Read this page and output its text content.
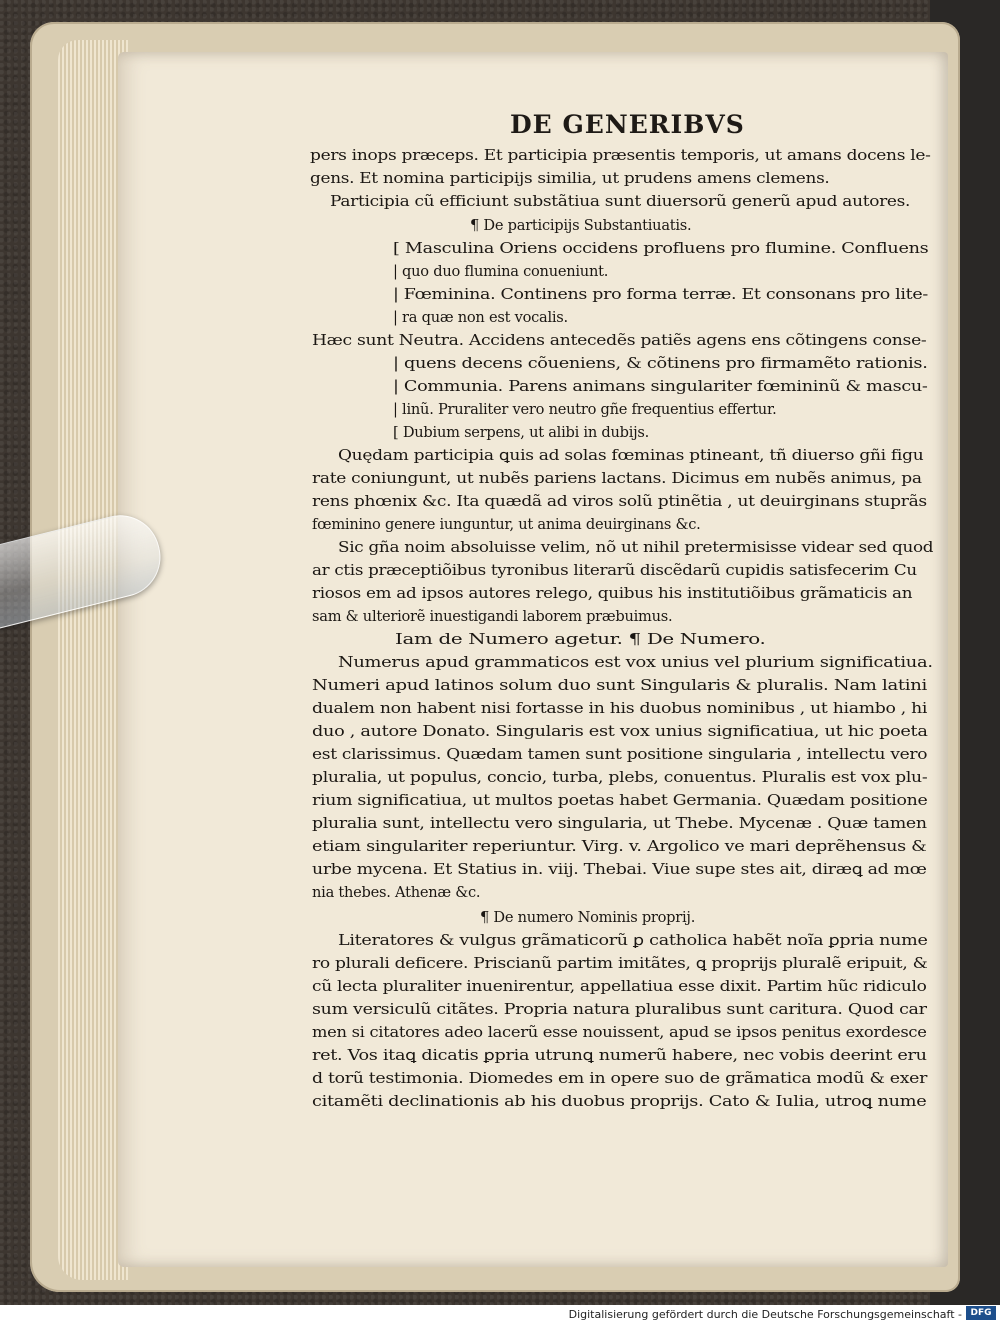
DE GENERIBVS
pers inops præceps. Et participia præsentis temporis, ut amans docens le-
gens. Et nomina participijs similia, ut prudens amens clemens.
Participia cũ efficiunt substãtiua sunt diuersorũ generũ apud autores.
¶ De participijs Substantiuatis.
[ Masculina Oriens occidens profluens pro flumine. Confluens
| quo duo flumina conueniunt.
| Fœminina. Continens pro forma terræ. Et consonans pro lite-
| ra quæ non est vocalis.
Hæc sunt Neutra. Accidens antecedẽs patiẽs agens ens cõtingens conse-
| quens decens cõueniens, & cõtinens pro firmamẽto rationis.
| Communia. Parens animans singulariter fœmininũ & mascu-
| linũ. Pruraliter vero neutro gñe frequentius effertur.
[ Dubium serpens, ut alibi in dubijs.
Quędam participia ꝗuis ad solas fœminas ptineant, tñ diuerso gñi figu
rate coniungunt, ut nubẽs pariens lactans. Dicimus em nubẽs animus, pa
rens phœnix &c. Ita quædã ad viros solũ ptinẽtia , ut deuirginans stuprãs
fœminino genere iunguntur, ut anima deuirginans &c.
Sic gña noim absoluisse velim, nõ ut nihil pretermisisse videar sed quod
ar ctis præceptiõibus tyronibus literarũ discẽdarũ cupidis satisfecerim Cu
riosos em ad ipsos autores relego, quibus his institutiõibus grãmaticis an
sam & ulteriorẽ inuestigandi laborem præbuimus.
Iam de Numero agetur. ¶ De Numero.
Numerus apud grammaticos est vox unius vel plurium significatiua.
Numeri apud latinos solum duo sunt Singularis & pluralis. Nam latini
dualem non habent nisi fortasse in his duobus nominibus , ut hiambo , hi
duo , autore Donato. Singularis est vox unius significatiua, ut hic poeta
est clarissimus. Quædam tamen sunt positione singularia , intellectu vero
pluralia, ut populus, concio, turba, plebs, conuentus. Pluralis est vox plu-
rium significatiua, ut multos poetas habet Germania. Quædam positione
pluralia sunt, intellectu vero singularia, ut Thebe. Mycenæ . Quæ tamen
etiam singulariter reperiuntur. Virg. v. Argolico ve mari deprẽhensus &
urbe mycena. Et Statius in. viij. Thebai. Viue supe stes ait, diræꝗ ad mœ
nia thebes. Athenæ &c.
¶ De numero Nominis proprij.
Literatores & vulgus grãmaticorũ ꝑ catholica habẽt noĩa ꝑpria nume
ro plurali deficere. Priscianũ partim imitãtes, ꝗ proprijs pluralẽ eripuit, &
cũ lecta pluraliter inuenirentur, appellatiua esse dixit. Partim hũc ridiculo
sum versiculũ citãtes. Propria natura pluralibus sunt caritura. Quod car
men si citatores adeo lacerũ esse nouissent, apud se ipsos penitus exordesce
ret. Vos itaꝗ dicatis ꝑpria utrunꝗ numerũ habere, nec vobis deerint eru
d torũ testimonia. Diomedes em in opere suo de grãmatica modũ & exer
citamẽti declinationis ab his duobus proprijs. Cato & Iulia, utroꝗ nume
Digitalisierung gefördert durch die Deutsche Forschungsgemeinschaft - DFG
